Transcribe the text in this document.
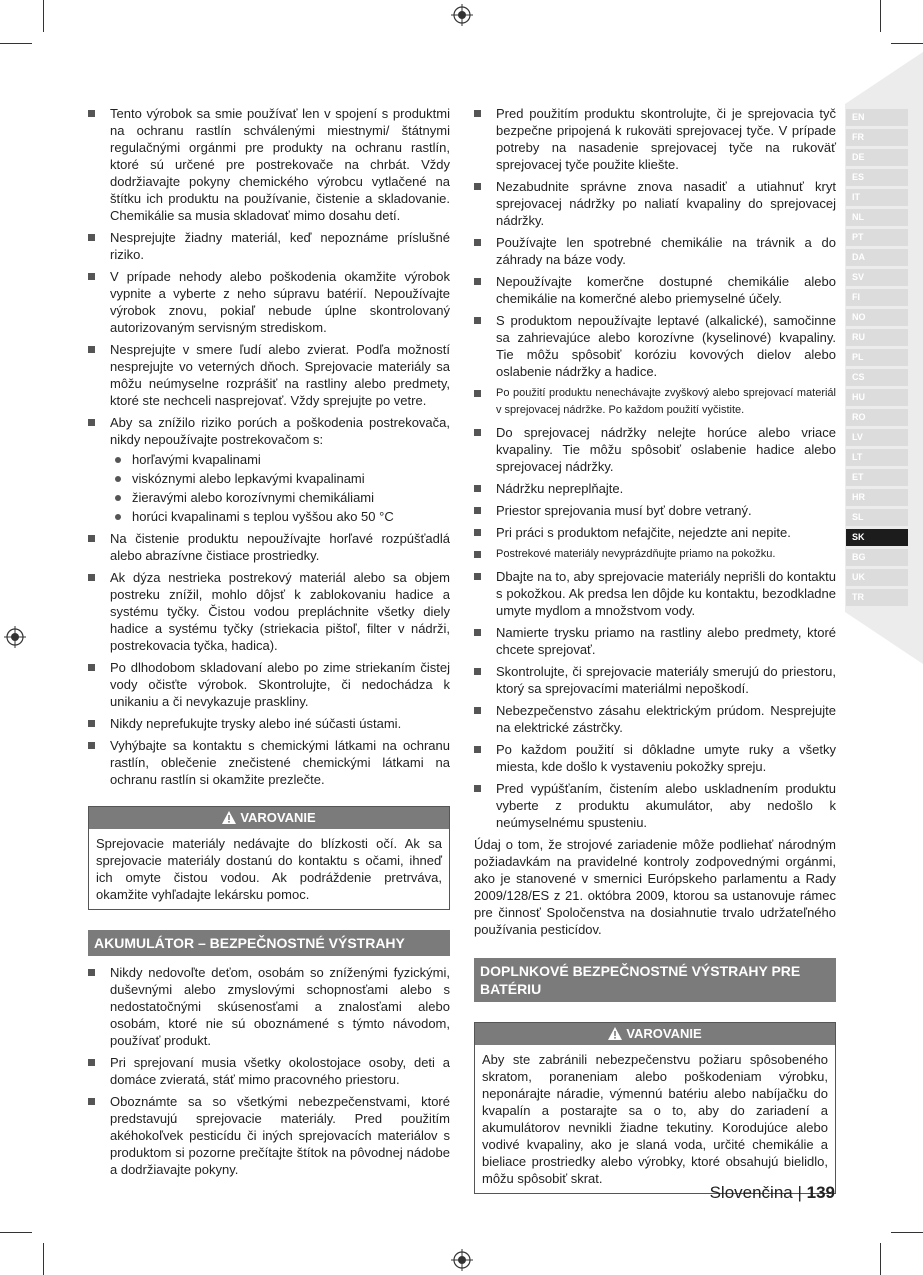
EN
FR
DE
ES
IT
NL
PT
DA
SV
FI
NO
RU
PL
CS
HU
RO
LV
LT
ET
HR
SL
SK
BG
UK
TR
Tento výrobok sa smie používať len v spojení s produktmi na ochranu rastlín schválenými miestnymi/ štátnymi regulačnými orgánmi pre produkty na ochranu rastlín, ktoré sú určené pre postrekovače na chrbát. Vždy dodržiavajte pokyny chemického výrobcu vytlačené na štítku ich produktu na používanie, čistenie a skladovanie. Chemikálie sa musia skladovať mimo dosahu detí.
Nesprejujte žiadny materiál, keď nepoznáme príslušné riziko.
V prípade nehody alebo poškodenia okamžite výrobok vypnite a vyberte z neho súpravu batérií. Nepoužívajte výrobok znovu, pokiaľ nebude úplne skontrolovaný autorizovaným servisným strediskom.
Nesprejujte v smere ľudí alebo zvierat. Podľa možností nesprejujte vo veterných dňoch. Sprejovacie materiály sa môžu neúmyselne rozprášiť na rastliny alebo predmety, ktoré ste nechceli nasprejovať. Vždy sprejujte po vetre.
Aby sa znížilo riziko porúch a poškodenia postrekovača, nikdy nepoužívajte postrekovačom s:
horľavými kvapalinami
viskóznymi alebo lepkavými kvapalinami
žieravými alebo korozívnymi chemikáliami
horúci kvapalinami s teplou vyššou ako 50 °C
Na čistenie produktu nepoužívajte horľavé rozpúšťadlá alebo abrazívne čistiace prostriedky.
Ak dýza nestrieka postrekový materiál alebo sa objem postreku znížil, mohlo dôjsť k zablokovaniu hadice a systému tyčky. Čistou vodou prepláchnite všetky diely hadice a systému tyčky (striekacia pištoľ, filter v nádrži, postrekovacia tyčka, hadica).
Po dlhodobom skladovaní alebo po zime striekaním čistej vody očisťte výrobok. Skontrolujte, či nedochádza k unikaniu a či nevykazuje praskliny.
Nikdy neprefukujte trysky alebo iné súčasti ústami.
Vyhýbajte sa kontaktu s chemickými látkami na ochranu rastlín, oblečenie znečistené chemickými látkami na ochranu rastlín si okamžite prezlečte.
VAROVANIE
Sprejovacie materiály nedávajte do blízkosti očí. Ak sa sprejovacie materiály dostanú do kontaktu s očami, ihneď ich omyte čistou vodou. Ak podráždenie pretrváva, okamžite vyhľadajte lekársku pomoc.
AKUMULÁTOR – BEZPEČNOSTNÉ VÝSTRAHY
Nikdy nedovoľte deťom, osobám so zníženými fyzickými, duševnými alebo zmyslovými schopnosťami alebo s nedostatočnými skúsenosťami a znalosťami alebo osobám, ktoré nie sú oboznámené s týmto návodom, používať produkt.
Pri sprejovaní musia všetky okolostojace osoby, deti a domáce zvieratá, stáť mimo pracovného priestoru.
Oboznámte sa so všetkými nebezpečenstvami, ktoré predstavujú sprejovacie materiály. Pred použitím akéhokoľvek pesticídu či iných sprejovacích materiálov s produktom si pozorne prečítajte štítok na pôvodnej nádobe a dodržiavajte pokyny.
Pred použitím produktu skontrolujte, či je sprejovacia tyč bezpečne pripojená k rukoväti sprejovacej tyče. V prípade potreby na nasadenie sprejovacej tyče na rukoväť sprejovacej tyče použite kliešte.
Nezabudnite správne znova nasadiť a utiahnuť kryt sprejovacej nádržky po naliatí kvapaliny do sprejovacej nádržky.
Používajte len spotrebné chemikálie na trávnik a do záhrady na báze vody.
Nepoužívajte komerčne dostupné chemikálie alebo chemikálie na komerčné alebo priemyselné účely.
S produktom nepoužívajte leptavé (alkalické), samočinne sa zahrievajúce alebo korozívne (kyselinové) kvapaliny. Tie môžu spôsobiť koróziu kovových dielov alebo oslabenie nádržky a hadice.
Po použití produktu nenechávajte zvyškový alebo sprejovací materiál v sprejovacej nádržke. Po každom použití vyčistite.
Do sprejovacej nádržky nelejte horúce alebo vriace kvapaliny. Tie môžu spôsobiť oslabenie hadice alebo sprejovacej nádržky.
Nádržku nepreplňajte.
Priestor sprejovania musí byť dobre vetraný.
Pri práci s produktom nefajčite, nejedzte ani nepite.
Postrekové materiály nevyprázdňujte priamo na pokožku.
Dbajte na to, aby sprejovacie materiály neprišli do kontaktu s pokožkou. Ak predsa len dôjde ku kontaktu, bezodkladne umyte mydlom a množstvom vody.
Namierte trysku priamo na rastliny alebo predmety, ktoré chcete sprejovať.
Skontrolujte, či sprejovacie materiály smerujú do priestoru, ktorý sa sprejovacími materiálmi nepoškodí.
Nebezpečenstvo zásahu elektrickým prúdom. Nesprejujte na elektrické zástrčky.
Po každom použití si dôkladne umyte ruky a všetky miesta, kde došlo k vystaveniu pokožky spreju.
Pred vypúšťaním, čistením alebo uskladnením produktu vyberte z produktu akumulátor, aby nedošlo k neúmyselnému spusteniu.
Údaj o tom, že strojové zariadenie môže podliehať národným požiadavkám na pravidelné kontroly zodpovednými orgánmi, ako je stanovené v smernici Európskeho parlamentu a Rady 2009/128/ES z 21. októbra 2009, ktorou sa ustanovuje rámec pre činnosť Spoločenstva na dosiahnutie trvalo udržateľného používania pesticídov.
DOPLNKOVÉ BEZPEČNOSTNÉ VÝSTRAHY PRE BATÉRIU
VAROVANIE
Aby ste zabránili nebezpečenstvu požiaru spôsobeného skratom, poraneniam alebo poškodeniam výrobku, neponárajte náradie, výmennú batériu alebo nabíjačku do kvapalín a postarajte sa o to, aby do zariadení a akumulátorov nevnikli žiadne tekutiny. Korodujúce alebo vodivé kvapaliny, ako je slaná voda, určité chemikálie a bieliace prostriedky alebo výrobky, ktoré obsahujú bielidlo, môžu spôsobiť skrat.
Slovenčina | 139
